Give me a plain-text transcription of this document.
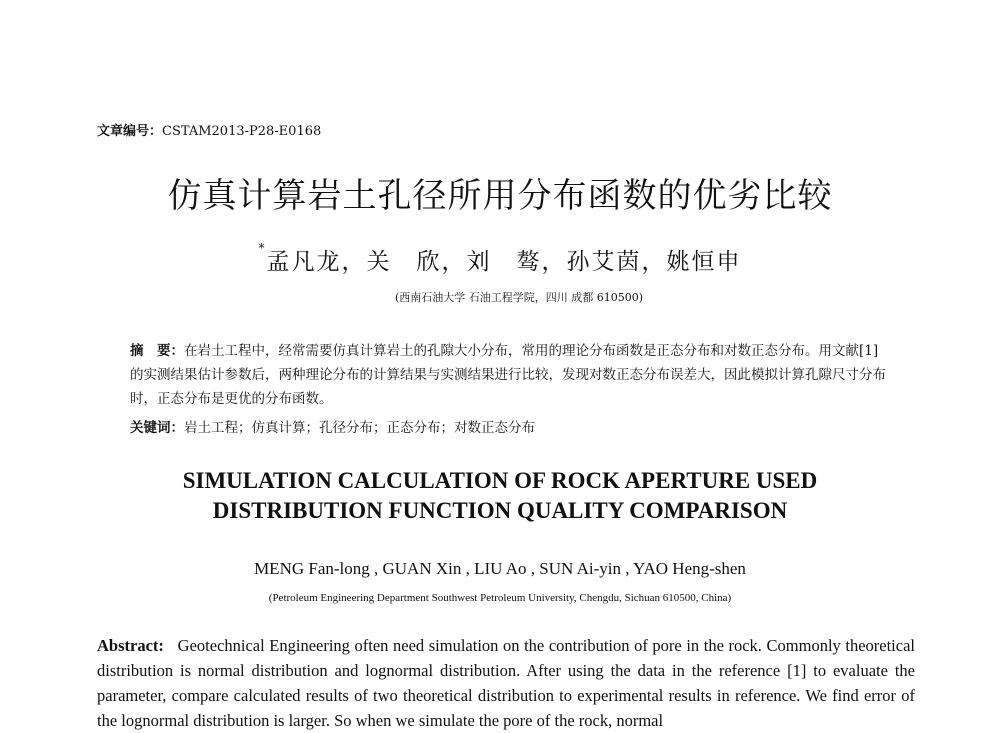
文章编号：CSTAM2013-P28-E0168
仿真计算岩土孔径所用分布函数的优劣比较
*孟凡龙，关　欣，刘　骜，孙艾茵，姚恒申
(西南石油大学 石油工程学院，四川 成都 610500)
摘　要：在岩土工程中，经常需要仿真计算岩土的孔隙大小分布，常用的理论分布函数是正态分布和对数正态分布。用文献[1]的实测结果估计参数后，两种理论分布的计算结果与实测结果进行比较，发现对数正态分布误差大，因此模拟计算孔隙尺寸分布时，正态分布是更优的分布函数。
关键词：岩土工程；仿真计算；孔径分布；正态分布；对数正态分布
SIMULATION CALCULATION OF ROCK APERTURE USED
DISTRIBUTION FUNCTION QUALITY COMPARISON
MENG Fan-long , GUAN Xin , LIU Ao , SUN Ai-yin , YAO Heng-shen
(Petroleum Engineering Department Southwest Petroleum University, Chengdu, Sichuan 610500, China)
Abstract: Geotechnical Engineering often need simulation on the contribution of pore in the rock. Commonly theoretical distribution is normal distribution and lognormal distribution. After using the data in the reference [1] to evaluate the parameter, compare calculated results of two theoretical distribution to experimental results in reference. We find error of the lognormal distribution is larger. So when we simulate the pore of the rock, normal
